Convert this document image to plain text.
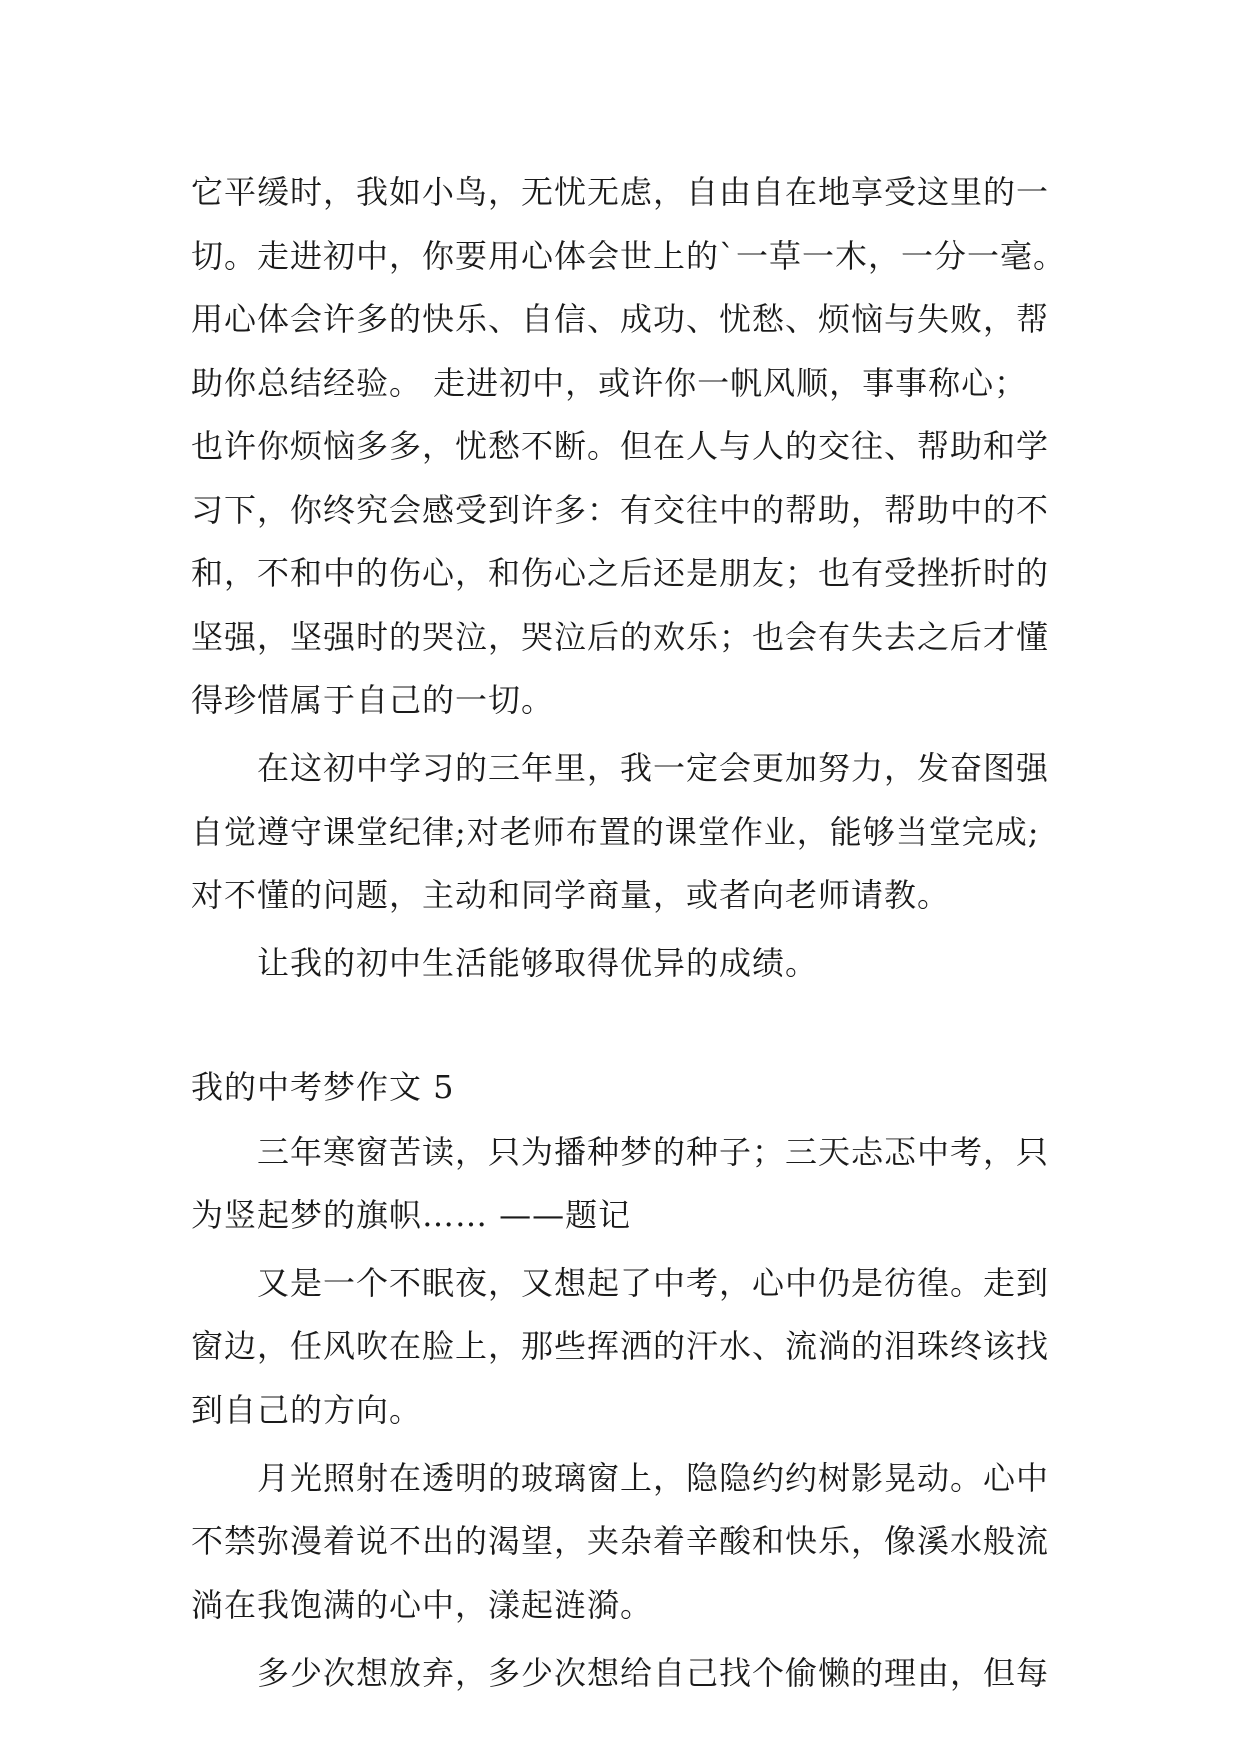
它平缓时，我如小鸟，无忧无虑，自由自在地享受这里的一
切。走进初中，你要用心体会世上的`一草一木，一分一毫。
用心体会许多的快乐、自信、成功、忧愁、烦恼与失败，帮
助你总结经验。 走进初中，或许你一帆风顺，事事称心；
也许你烦恼多多，忧愁不断。但在人与人的交往、帮助和学
习下，你终究会感受到许多：有交往中的帮助，帮助中的不
和，不和中的伤心，和伤心之后还是朋友；也有受挫折时的
坚强，坚强时的哭泣，哭泣后的欢乐；也会有失去之后才懂
得珍惜属于自己的一切。
在这初中学习的三年里，我一定会更加努力，发奋图强
自觉遵守课堂纪律;对老师布置的课堂作业，能够当堂完成;
对不懂的问题，主动和同学商量，或者向老师请教。
让我的初中生活能够取得优异的成绩。
我的中考梦作文 5
三年寒窗苦读，只为播种梦的种子；三天忐忑中考，只
为竖起梦的旗帜…… ——题记
又是一个不眠夜，又想起了中考，心中仍是彷徨。走到
窗边，任风吹在脸上，那些挥洒的汗水、流淌的泪珠终该找
到自己的方向。
月光照射在透明的玻璃窗上，隐隐约约树影晃动。心中
不禁弥漫着说不出的渴望，夹杂着辛酸和快乐，像溪水般流
淌在我饱满的心中，漾起涟漪。
多少次想放弃，多少次想给自己找个偷懒的理由，但每
